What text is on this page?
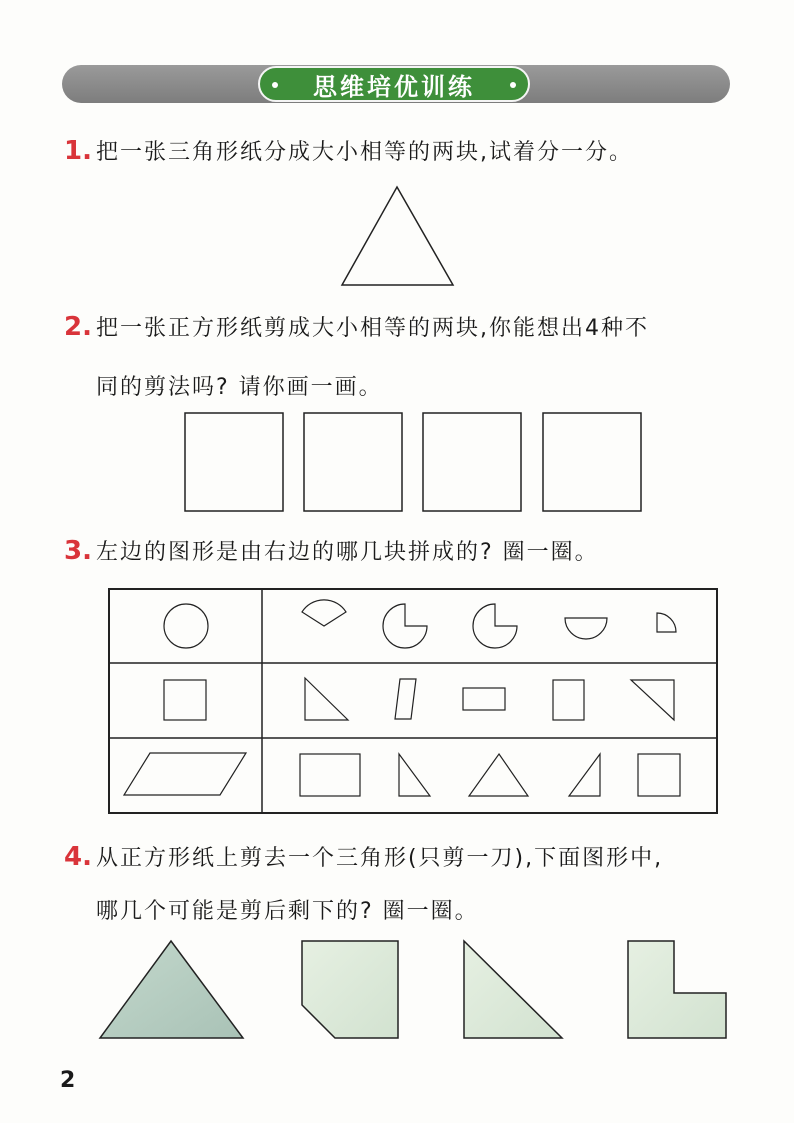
思维培优训练
1. 把一张三角形纸分成大小相等的两块,试着分一分。
2. 把一张正方形纸剪成大小相等的两块,你能想出4种不
同的剪法吗? 请你画一画。
3. 左边的图形是由右边的哪几块拼成的? 圈一圈。
4. 从正方形纸上剪去一个三角形(只剪一刀),下面图形中,
哪几个可能是剪后剩下的? 圈一圈。
2
